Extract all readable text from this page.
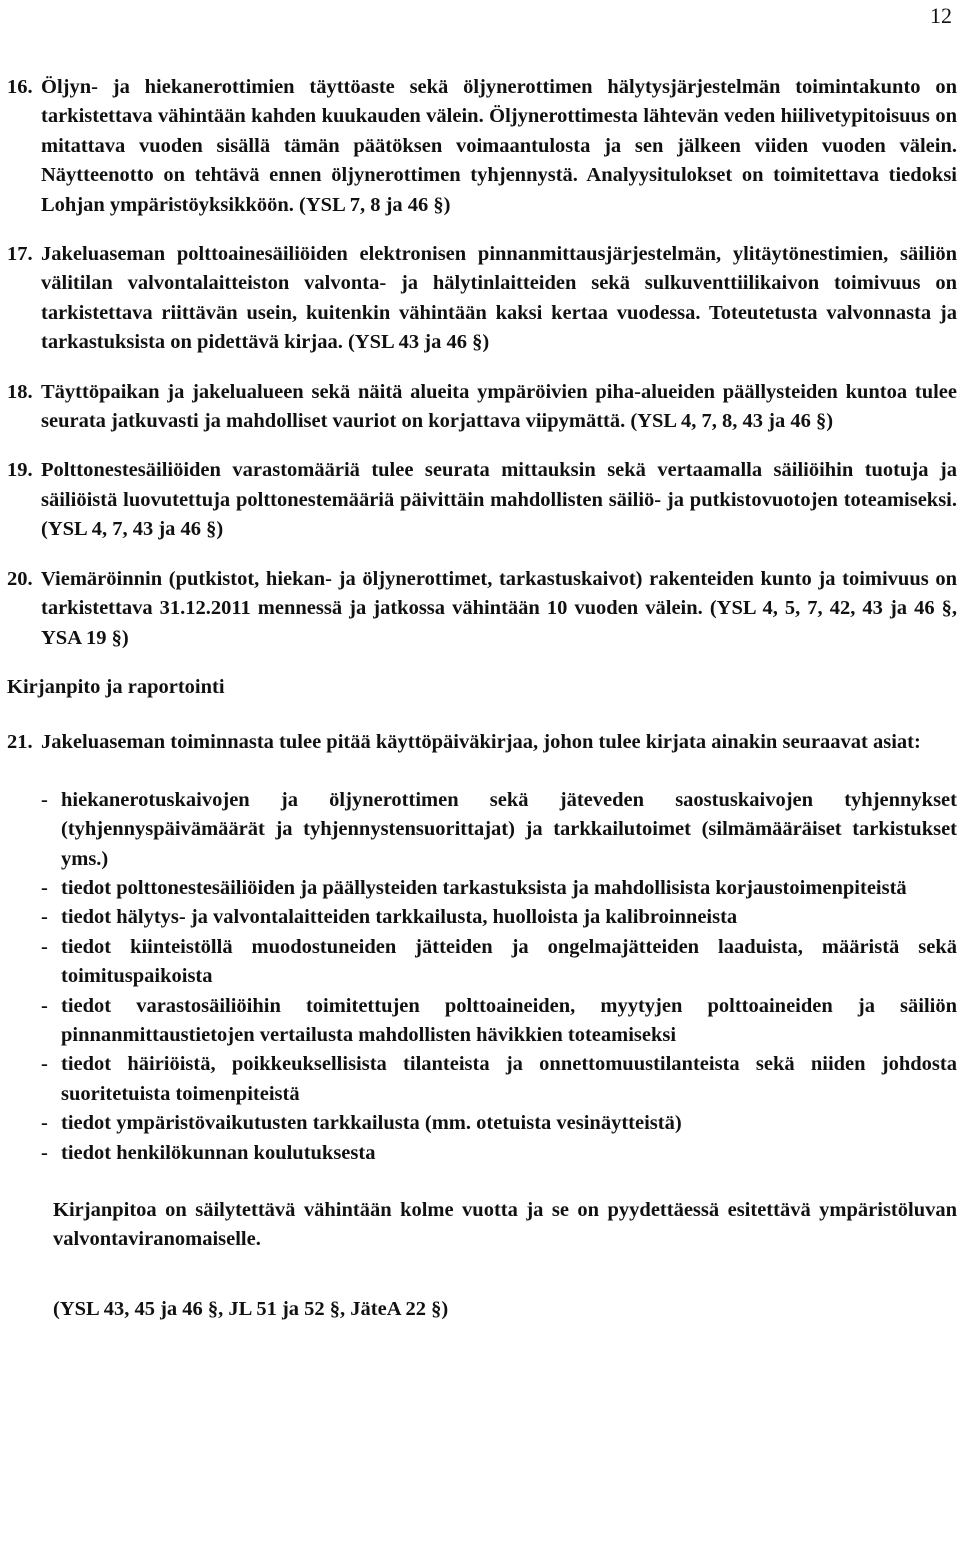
12
16. Öljyn- ja hiekanerottimien täyttöaste sekä öljynerottimen hälytysjärjestelmän toimintakunto on tarkistettava vähintään kahden kuukauden välein. Öljynerottimesta lähtevän veden hiilivetypitoisuus on mitattava vuoden sisällä tämän päätöksen voimaantulosta ja sen jälkeen viiden vuoden välein. Näytteenotto on tehtävä ennen öljynerottimen tyhjennystä. Analyysitulokset on toimitettava tiedoksi Lohjan ympäristöyksikköön. (YSL 7, 8 ja 46 §)
17. Jakeluaseman polttoainesäiliöiden elektronisen pinnanmittausjärjestelmän, ylitäytönestimien, säiliön välitilan valvontalaitteiston valvonta- ja hälytinlaitteiden sekä sulkuventtiilikaivon toimivuus on tarkistettava riittävän usein, kuitenkin vähintään kaksi kertaa vuodessa. Toteutetusta valvonnasta ja tarkastuksista on pidettävä kirjaa. (YSL 43 ja 46 §)
18. Täyttöpaikan ja jakelualueen sekä näitä alueita ympäröivien piha-alueiden päällysteiden kuntoa tulee seurata jatkuvasti ja mahdolliset vauriot on korjattava viipymättä. (YSL 4, 7, 8, 43 ja 46 §)
19. Polttonestesäiliöiden varastomääriä tulee seurata mittauksin sekä vertaamalla säiliöihin tuotuja ja säiliöistä luovutettuja polttonestemääriä päivittäin mahdollisten säiliö- ja putkistovuotojen toteamiseksi. (YSL 4, 7, 43 ja 46 §)
20. Viemäröinnin (putkistot, hiekan- ja öljynerottimet, tarkastuskaivot) rakenteiden kunto ja toimivuus on tarkistettava 31.12.2011 mennessä ja jatkossa vähintään 10 vuoden välein. (YSL 4, 5, 7, 42, 43 ja 46 §, YSA 19 §)
Kirjanpito ja raportointi
21. Jakeluaseman toiminnasta tulee pitää käyttöpäiväkirjaa, johon tulee kirjata ainakin seuraavat asiat:
- hiekanerotuskaivojen ja öljynerottimen sekä jäteveden saostuskaivojen tyhjennykset (tyhjennyspäivämäärät ja tyhjennystensuorittajat) ja tarkkailutoimet (silmämääräiset tarkistukset yms.)
- tiedot polttonestesäiliöiden ja päällysteiden tarkastuksista ja mahdollisista korjaustoimenpiteistä
- tiedot hälytys- ja valvontalaitteiden tarkkailusta, huolloista ja kalibroinneista
- tiedot kiinteistöllä muodostuneiden jätteiden ja ongelmajätteiden laaduista, määristä sekä toimituspaikoista
- tiedot varastosäiliöihin toimitettujen polttoaineiden, myytyjen polttoaineiden ja säiliön pinnanmittaustietojen vertailusta mahdollisten hävikkien toteamiseksi
- tiedot häiriöistä, poikkeuksellisista tilanteista ja onnettomuustilanteista sekä niiden johdosta suoritetuista toimenpiteistä
- tiedot ympäristövaikutusten tarkkailusta (mm. otetuista vesinäytteistä)
- tiedot henkilökunnan koulutuksesta
Kirjanpitoa on säilytettävä vähintään kolme vuotta ja se on pyydettäessä esitettävä ympäristöluvan valvontaviranomaiselle.
(YSL 43, 45 ja 46 §, JL 51 ja 52 §, JäteA 22 §)
